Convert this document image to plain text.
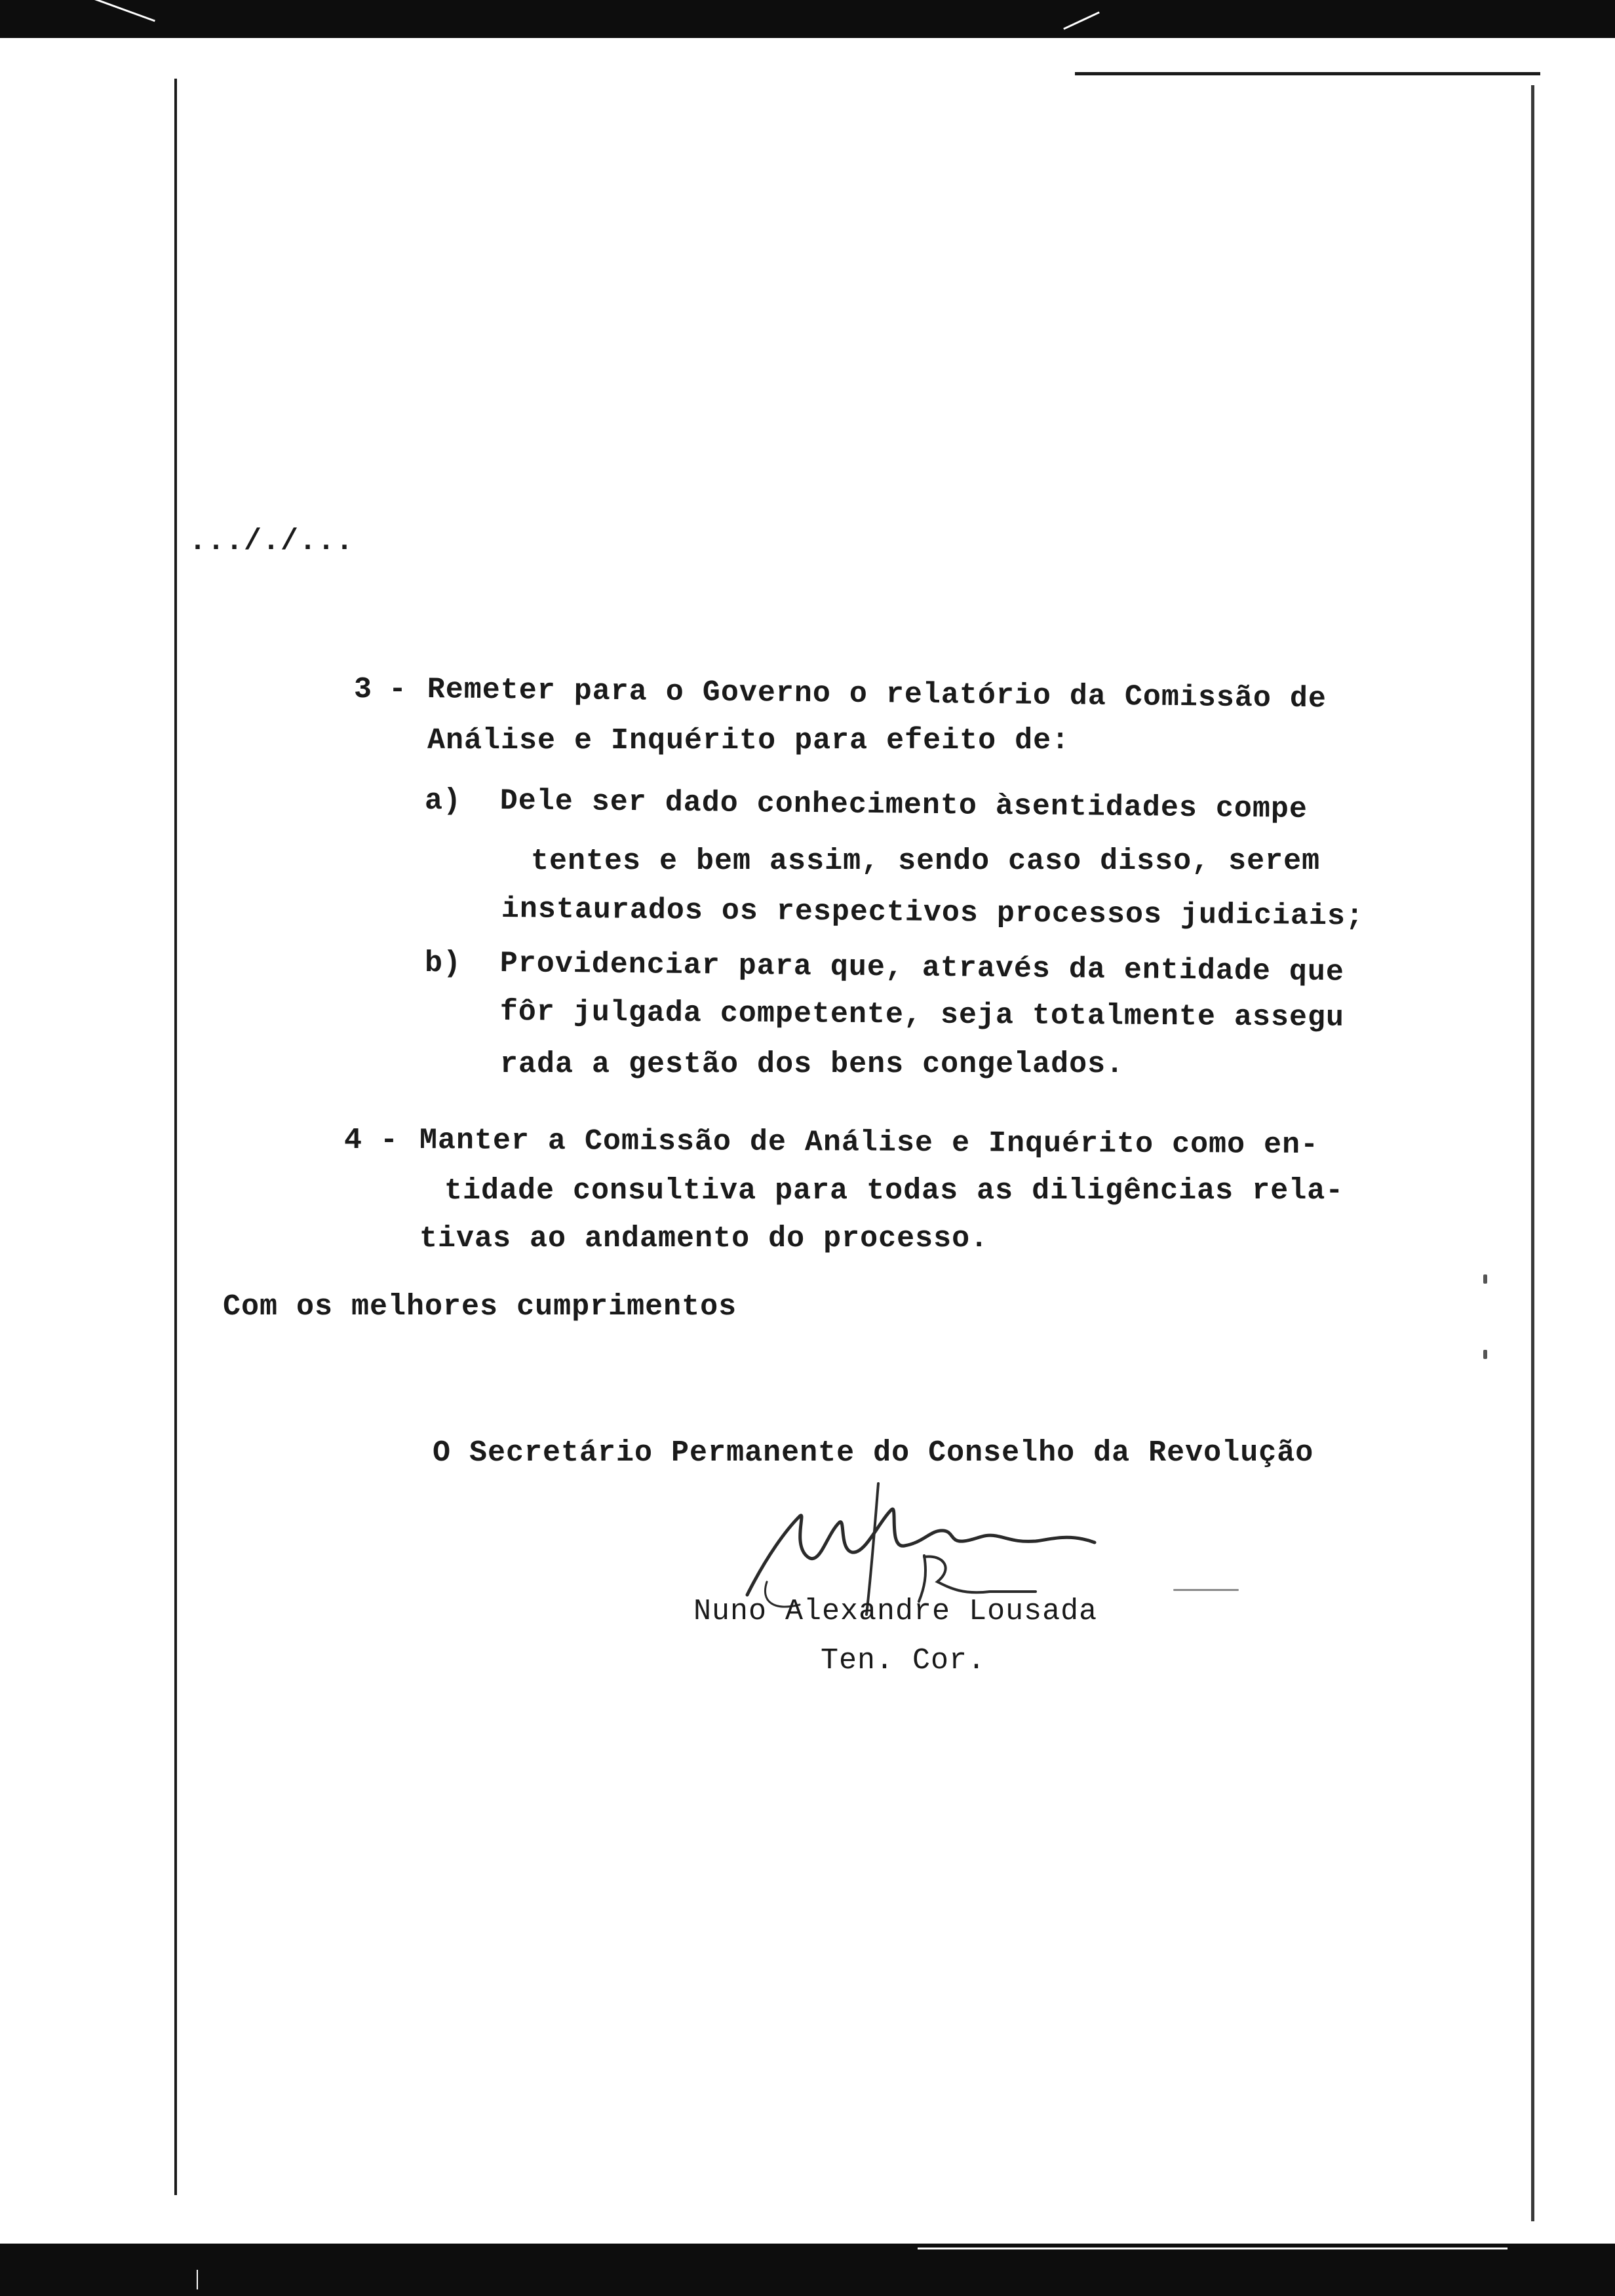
..././...
3 - Remeter para o Governo o relatório da Comissão de
Análise e Inquérito para efeito de:
a) Dele ser dado conhecimento àsentidades compe
tentes e bem assim, sendo caso disso, serem
instaurados os respectivos processos judiciais;
b) Providenciar para que, através da entidade que
fôr julgada competente, seja totalmente assegu
rada a gestão dos bens congelados.
4 - Manter a Comissão de Análise e Inquérito como en-
tidade consultiva para todas as diligências rela-
tivas ao andamento do processo.
Com os melhores cumprimentos
O Secretário Permanente do Conselho da Revolução
Nuno Alexandre Lousada
Ten. Cor.
